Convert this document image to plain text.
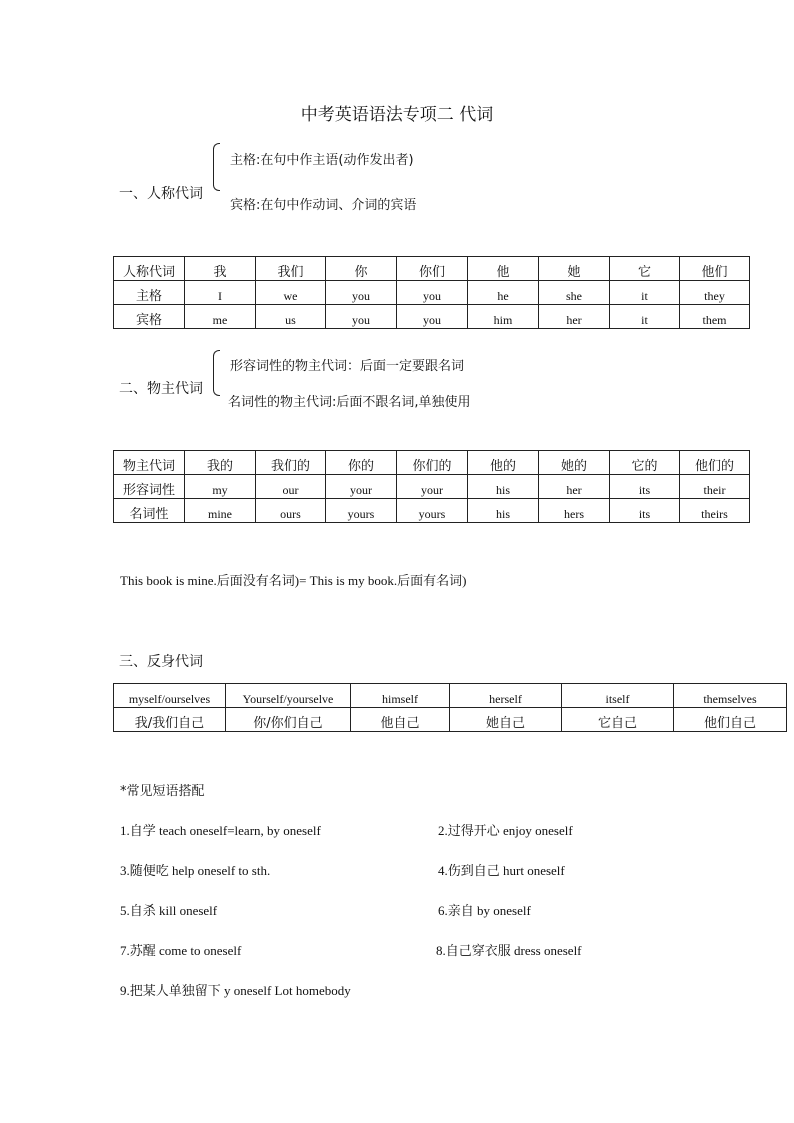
中考英语语法专项二 代词
一、人称代词
主格:在句中作主语(动作发出者)
宾格:在句中作动词、介词的宾语
人称代词	我	我们	你	你们	他	她	它	他们
主格	I	we	you	you	he	she	it	they
宾格	me	us	you	you	him	her	it	them
二、物主代词
形容词性的物主代词：后面一定要跟名词
名词性的物主代词:后面不跟名词,单独使用
物主代词	我的	我们的	你的	你们的	他的	她的	它的	他们的
形容词性	my	our	your	your	his	her	its	their
名词性	mine	ours	yours	yours	his	hers	its	theirs
This book is mine.后面没有名词)= This is my book.后面有名词)
三、反身代词
myself/ourselves	Yourself/yourselve	himself	herself	itself	themselves
我/我们自己	你/你们自己	他自己	她自己	它自己	他们自己
*常见短语搭配
1.自学 teach oneself=learn, by oneself	2.过得开心 enjoy oneself
3.随便吃 help oneself to sth.	4.伤到自己 hurt oneself
5.自杀 kill oneself	6.亲自 by oneself
7.苏醒 come to oneself	8.自己穿衣服 dress oneself
9.把某人单独留下 y oneself Lot homebody
